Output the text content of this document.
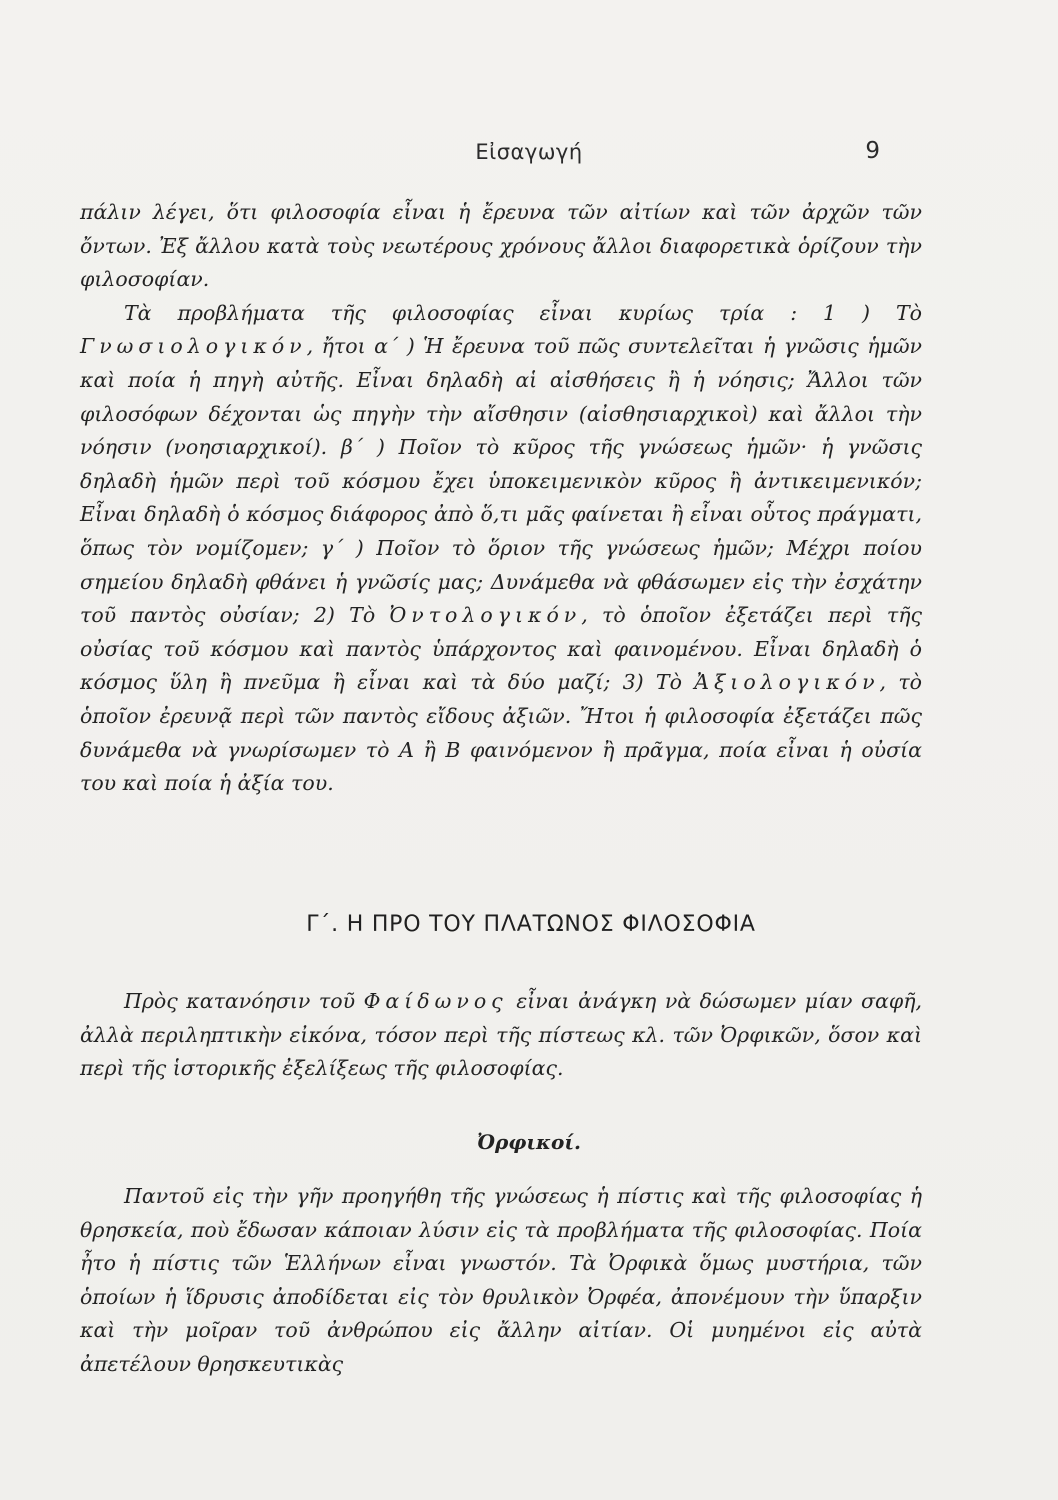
Εἰσαγωγή	9

πάλιν λέγει, ὅτι φιλοσοφία εἶναι ἡ ἔρευνα τῶν αἰτίων καὶ τῶν ἀρχῶν τῶν ὄντων. Ἐξ ἄλλου κατὰ τοὺς νεωτέρους χρόνους ἄλλοι διαφορετικὰ ὁρίζουν τὴν φιλοσοφίαν.

Τὰ προβλήματα τῆς φιλοσοφίας εἶναι κυρίως τρία : 1 ) Τὸ Γνωσιολογικόν, ἤτοι α΄ ) Ἡ ἔρευνα τοῦ πῶς συντελεῖται ἡ γνῶσις ἡμῶν καὶ ποία ἡ πηγὴ αὐτῆς. Εἶναι δηλαδὴ αἱ αἰσθήσεις ἢ ἡ νόησις; Ἄλλοι τῶν φιλοσόφων δέχονται ὡς πηγὴν τὴν αἴσθησιν (αἰσθησιαρχικοὶ) καὶ ἄλλοι τὴν νόησιν (νοησιαρχικοί). β΄ ) Ποῖον τὸ κῦρος τῆς γνώσεως ἡμῶν· ἡ γνῶσις δηλαδὴ ἡμῶν περὶ τοῦ κόσμου ἔχει ὑποκειμενικὸν κῦρος ἢ ἀντικειμενικόν; Εἶναι δηλαδὴ ὁ κόσμος διάφορος ἀπὸ ὅ,τι μᾶς φαίνεται ἢ εἶναι οὗτος πράγματι, ὅπως τὸν νομίζομεν; γ΄ ) Ποῖον τὸ ὅριον τῆς γνώσεως ἡμῶν; Μέχρι ποίου σημείου δηλαδὴ φθάνει ἡ γνῶσίς μας; Δυνάμεθα νὰ φθάσωμεν εἰς τὴν ἐσχάτην τοῦ παντὸς οὐσίαν; 2) Τὸ Ὀντολογικόν, τὸ ὁποῖον ἐξετάζει περὶ τῆς οὐσίας τοῦ κόσμου καὶ παντὸς ὑπάρχοντος καὶ φαινομένου. Εἶναι δηλαδὴ ὁ κόσμος ὕλη ἢ πνεῦμα ἢ εἶναι καὶ τὰ δύο μαζί; 3) Τὸ Ἀξιολογικόν, τὸ ὁποῖον ἐρευνᾷ περὶ τῶν παντὸς εἴδους ἀξιῶν. Ἤτοι ἡ φιλοσοφία ἐξετάζει πῶς δυνάμεθα νὰ γνωρίσωμεν τὸ Α ἢ Β φαινόμενον ἢ πρᾶγμα, ποία εἶναι ἡ οὐσία του καὶ ποία ἡ ἀξία του.

Γ΄. Η ΠΡΟ ΤΟΥ ΠΛΑΤΩΝΟΣ ΦΙΛΟΣΟΦΙΑ

Πρὸς κατανόησιν τοῦ Φαίδωνος εἶναι ἀνάγκη νὰ δώσωμεν μίαν σαφῆ, ἀλλὰ περιληπτικὴν εἰκόνα, τόσον περὶ τῆς πίστεως κλ. τῶν Ὀρφικῶν, ὅσον καὶ περὶ τῆς ἱστορικῆς ἐξελίξεως τῆς φιλοσοφίας.

Ὀρφικοί.

Παντοῦ εἰς τὴν γῆν προηγήθη τῆς γνώσεως ἡ πίστις καὶ τῆς φιλοσοφίας ἡ θρησκεία, ποὺ ἔδωσαν κάποιαν λύσιν εἰς τὰ προβλήματα τῆς φιλοσοφίας. Ποία ἦτο ἡ πίστις τῶν Ἑλλήνων εἶναι γνωστόν. Τὰ Ὀρφικὰ ὅμως μυστήρια, τῶν ὁποίων ἡ ἵδρυσις ἀποδίδεται εἰς τὸν θρυλικὸν Ὀρφέα, ἀπονέμουν τὴν ὕπαρξιν καὶ τὴν μοῖραν τοῦ ἀνθρώπου εἰς ἄλλην αἰτίαν. Οἱ μυημένοι εἰς αὐτὰ ἀπετέλουν θρησκευτικὰς
